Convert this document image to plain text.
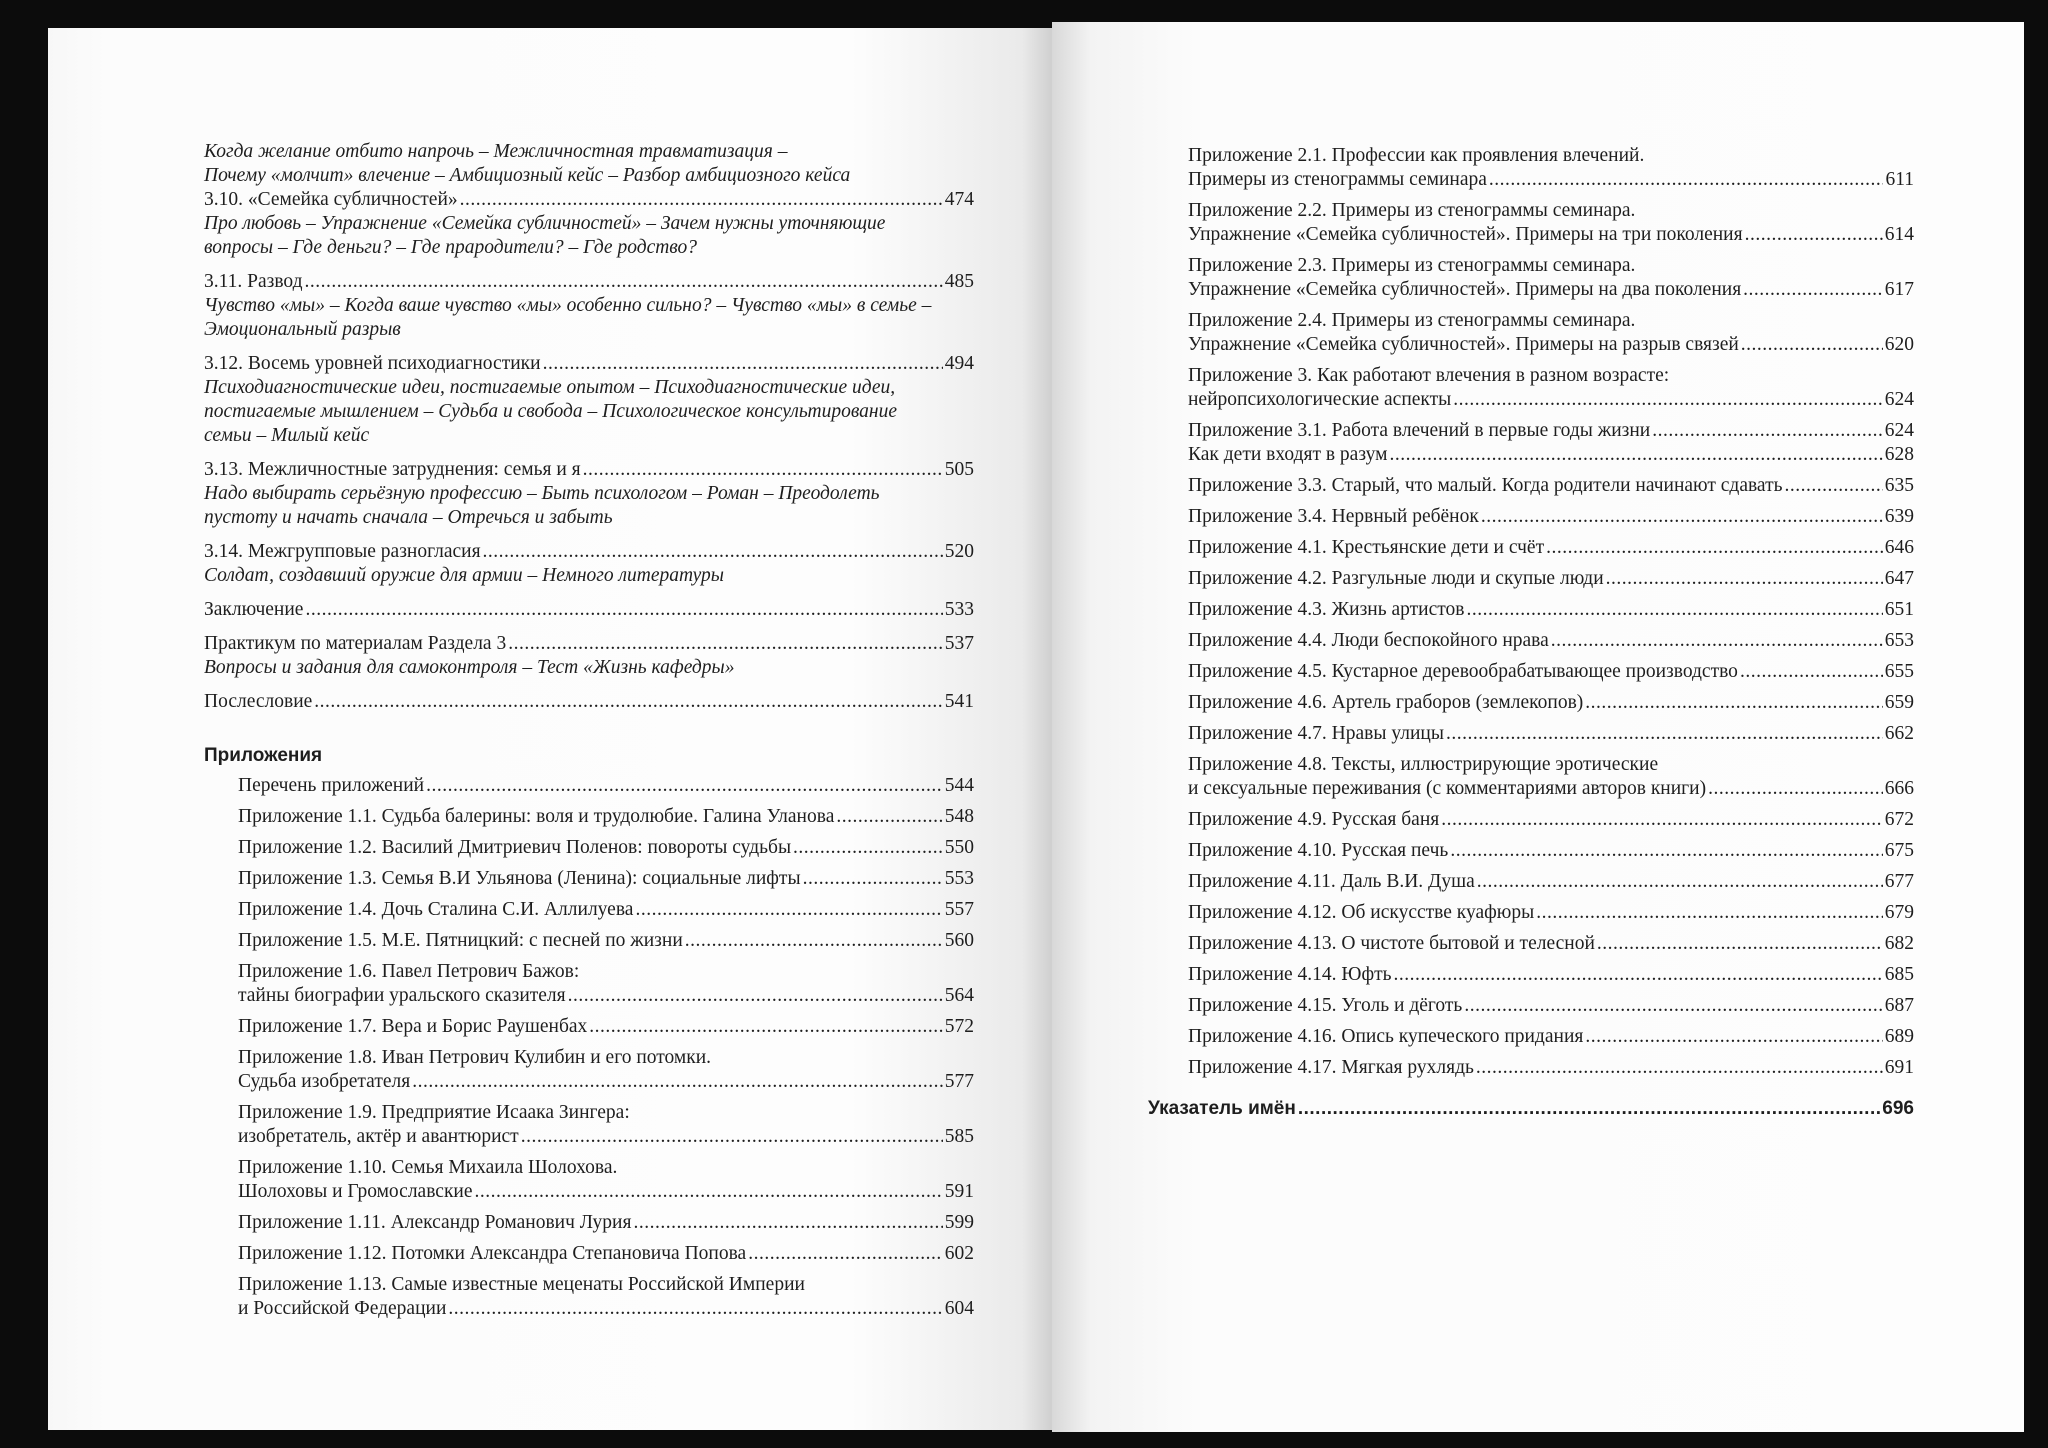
Когда желание отбито напрочь – Межличностная травматизация –
Почему «молчит» влечение – Амбициозный кейс – Разбор амбициозного кейса
3.10. «Семейка субличностей» .....	474
Про любовь – Упражнение «Семейка субличностей» – Зачем нужны уточняющие
вопросы – Где деньги? – Где прародители? – Где родство?
3.11. Развод .....	485
Чувство «мы» – Когда ваше чувство «мы» особенно сильно? – Чувство «мы» в семье –
Эмоциональный разрыв
3.12. Восемь уровней психодиагностики .....	494
Психодиагностические идеи, постигаемые опытом – Психодиагностические идеи,
постигаемые мышлением – Судьба и свобода – Психологическое консультирование
семьи – Милый кейс
3.13. Межличностные затруднения: семья и я .....	505
Надо выбирать серьёзную профессию – Быть психологом – Роман – Преодолеть
пустоту и начать сначала – Отречься и забыть
3.14. Межгрупповые разногласия .....	520
Солдат, создавший оружие для армии – Немного литературы
Заключение .....	533
Практикум по материалам Раздела 3 .....	537
Вопросы и задания для самоконтроля – Тест «Жизнь кафедры»
Послесловие .....	541
Приложения
Перечень приложений .....	544
Приложение 1.1. Судьба балерины: воля и трудолюбие. Галина Уланова .....	548
Приложение 1.2. Василий Дмитриевич Поленов: повороты судьбы .....	550
Приложение 1.3. Семья В.И Ульянова (Ленина): социальные лифты .....	553
Приложение 1.4. Дочь Сталина С.И. Аллилуева .....	557
Приложение 1.5. М.Е. Пятницкий: с песней по жизни .....	560
Приложение 1.6. Павел Петрович Бажов:
тайны биографии уральского сказителя .....	564
Приложение 1.7. Вера и Борис Раушенбах .....	572
Приложение 1.8. Иван Петрович Кулибин и его потомки.
Судьба изобретателя .....	577
Приложение 1.9. Предприятие Исаака Зингера:
изобретатель, актёр и авантюрист .....	585
Приложение 1.10. Семья Михаила Шолохова.
Шолоховы и Громославские .....	591
Приложение 1.11. Александр Романович Лурия .....	599
Приложение 1.12. Потомки Александра Степановича Попова .....	602
Приложение 1.13. Самые известные меценаты Российской Империи
и Российской Федерации .....	604
Приложение 2.1. Профессии как проявления влечений.
Примеры из стенограммы семинара .....	611
Приложение 2.2. Примеры из стенограммы семинара.
Упражнение «Семейка субличностей». Примеры на три поколения .....	614
Приложение 2.3. Примеры из стенограммы семинара.
Упражнение «Семейка субличностей». Примеры на два поколения .....	617
Приложение 2.4. Примеры из стенограммы семинара.
Упражнение «Семейка субличностей». Примеры на разрыв связей .....	620
Приложение 3. Как работают влечения в разном возрасте:
нейропсихологические аспекты .....	624
Приложение 3.1. Работа влечений в первые годы жизни .....	624
Как дети входят в разум .....	628
Приложение 3.3. Старый, что малый. Когда родители начинают сдавать .....	635
Приложение 3.4. Нервный ребёнок .....	639
Приложение 4.1. Крестьянские дети и счёт .....	646
Приложение 4.2. Разгульные люди и скупые люди .....	647
Приложение 4.3. Жизнь артистов .....	651
Приложение 4.4. Люди беспокойного нрава .....	653
Приложение 4.5. Кустарное деревообрабатывающее производство .....	655
Приложение 4.6. Артель граборов (землекопов) .....	659
Приложение 4.7. Нравы улицы .....	662
Приложение 4.8. Тексты, иллюстрирующие эротические
и сексуальные переживания (с комментариями авторов книги) .....	666
Приложение 4.9. Русская баня .....	672
Приложение 4.10. Русская печь .....	675
Приложение 4.11. Даль В.И. Душа .....	677
Приложение 4.12. Об искусстве куафюры .....	679
Приложение 4.13. О чистоте бытовой и телесной .....	682
Приложение 4.14. Юфть .....	685
Приложение 4.15. Уголь и дёготь .....	687
Приложение 4.16. Опись купеческого придания .....	689
Приложение 4.17. Мягкая рухлядь .....	691
Указатель имён .....	696
